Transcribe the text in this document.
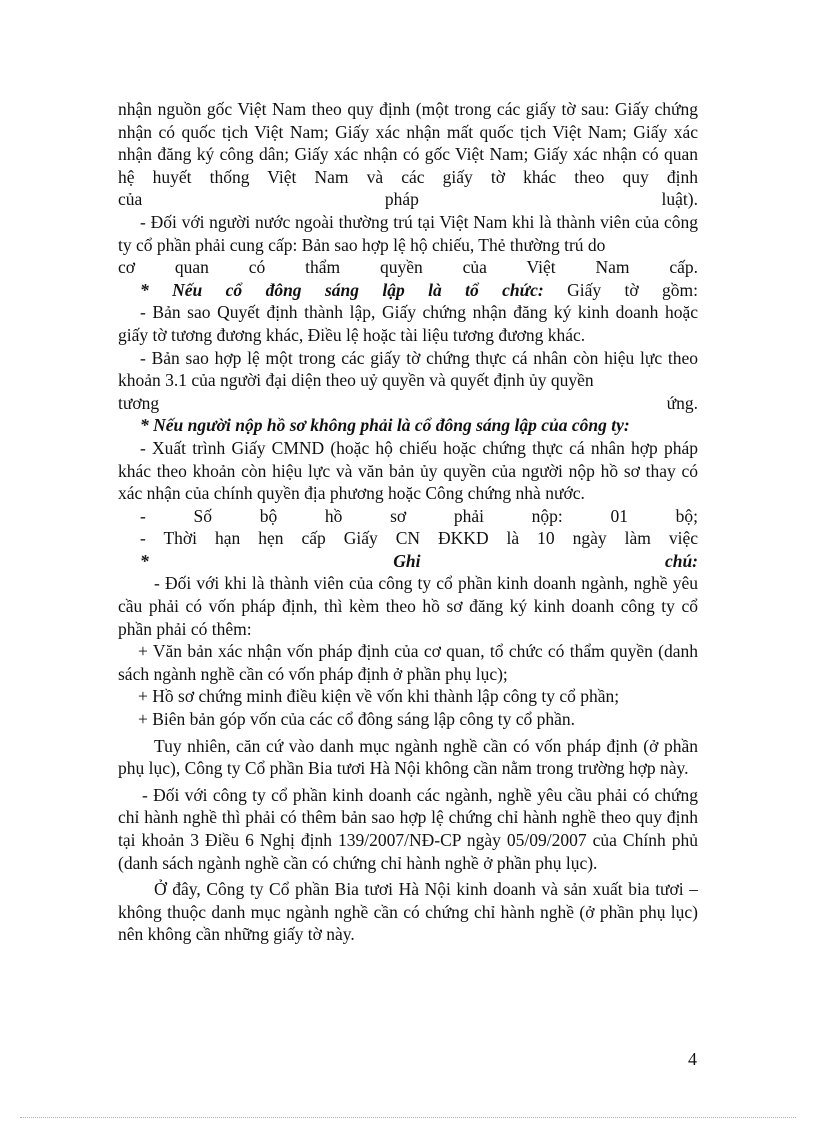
nhận nguồn gốc Việt Nam theo quy định (một trong các giấy tờ sau: Giấy chứng nhận có quốc tịch Việt Nam; Giấy xác nhận mất quốc tịch Việt Nam; Giấy xác nhận đăng ký công dân; Giấy xác nhận có gốc Việt Nam; Giấy xác nhận có quan hệ huyết thống Việt Nam và các giấy tờ khác theo quy định

của pháp luật).

- Đối với người nước ngoài thường trú tại Việt Nam khi là thành viên của công ty cổ phần phải cung cấp: Bản sao hợp lệ hộ chiếu, Thẻ thường trú do

cơ quan có thẩm quyền của Việt Nam cấp.

* Nếu cổ đông sáng lập là tổ chức: Giấy tờ gồm:

- Bản sao Quyết định thành lập, Giấy chứng nhận đăng ký kinh doanh hoặc giấy tờ tương đương khác, Điều lệ hoặc tài liệu tương đương khác.

- Bản sao hợp lệ một trong các giấy tờ chứng thực cá nhân còn hiệu lực theo khoản 3.1 của người đại diện theo uỷ quyền và quyết định ủy quyền

tương ứng.

* Nếu người nộp hồ sơ không phải là cổ đông sáng lập của công ty:

- Xuất trình Giấy CMND (hoặc hộ chiếu hoặc chứng thực cá nhân hợp pháp khác theo khoản còn hiệu lực và văn bản ủy quyền của người nộp hồ sơ thay có xác nhận của chính quyền địa phương hoặc Công chứng nhà nước.

- Số bộ hồ sơ phải nộp: 01 bộ;

- Thời hạn hẹn cấp Giấy CN ĐKKD là 10 ngày làm việc

*	Ghi chú:

- Đối với khi là thành viên của công ty cổ phần kinh doanh ngành, nghề yêu cầu phải có vốn pháp định, thì kèm theo hồ sơ đăng ký kinh doanh công ty cổ phần phải có thêm:

+ Văn bản xác nhận vốn pháp định của cơ quan, tổ chức có thẩm quyền (danh sách ngành nghề cần có vốn pháp định ở phần phụ lục);

+ Hồ sơ chứng minh điều kiện về vốn khi thành lập công ty cổ phần;

+ Biên bản góp vốn của các cổ đông sáng lập công ty cổ phần.

Tuy nhiên, căn cứ vào danh mục ngành nghề cần có vốn pháp định (ở phần phụ lục), Công ty Cổ phần Bia tươi Hà Nội không cần nằm trong trường hợp này.

- Đối với công ty cổ phần kinh doanh các ngành, nghề yêu cầu phải có chứng chỉ hành nghề thì phải có thêm bản sao hợp lệ chứng chỉ hành nghề theo quy định tại khoản 3 Điều 6 Nghị định 139/2007/NĐ-CP ngày 05/09/2007 của Chính phủ (danh sách ngành nghề cần có chứng chỉ hành nghề ở phần phụ lục).

Ở đây, Công ty Cổ phần Bia tươi Hà Nội kinh doanh và sản xuất bia tươi – không thuộc danh mục ngành nghề cần có chứng chỉ hành nghề (ở phần phụ lục) nên không cần những giấy tờ này.

4
